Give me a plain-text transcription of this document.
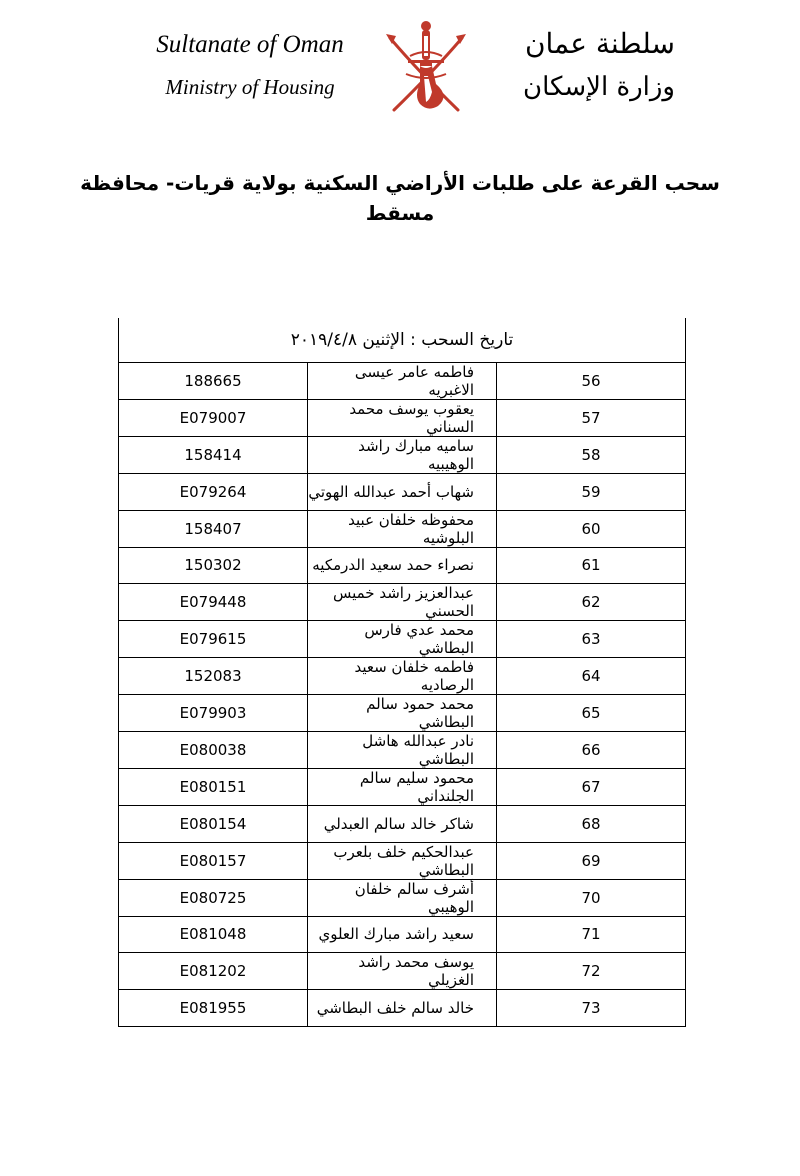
Sultanate of Oman
Ministry of Housing
سلطنة عمان
وزارة الإسكان
سحب القرعة على طلبات الأراضي السكنية بولاية قريات- محافظة مسقط
تاريخ السحب : الإثنين ٢٠١٩/٤/٨		
56	فاطمه عامر عيسى الاغبريه	188665
57	يعقوب يوسف محمد السناني	E079007
58	ساميه مبارك راشد الوهيبيه	158414
59	شهاب أحمد عبدالله الهوتي	E079264
60	محفوظه خلفان عبيد البلوشيه	158407
61	نصراء حمد سعيد الدرمكيه	150302
62	عبدالعزيز راشد خميس الحسني	E079448
63	محمد عدي فارس البطاشي	E079615
64	فاطمه خلفان سعيد الرصاديه	152083
65	محمد حمود سالم البطاشي	E079903
66	نادر عبدالله هاشل البطاشي	E080038
67	محمود سليم سالم الجلنداني	E080151
68	شاكر خالد سالم العبدلي	E080154
69	عبدالحكيم خلف بلعرب البطاشي	E080157
70	أشرف سالم خلفان الوهيبي	E080725
71	سعيد راشد مبارك العلوي	E081048
72	يوسف محمد راشد الغزيلي	E081202
73	خالد سالم خلف البطاشي	E081955
